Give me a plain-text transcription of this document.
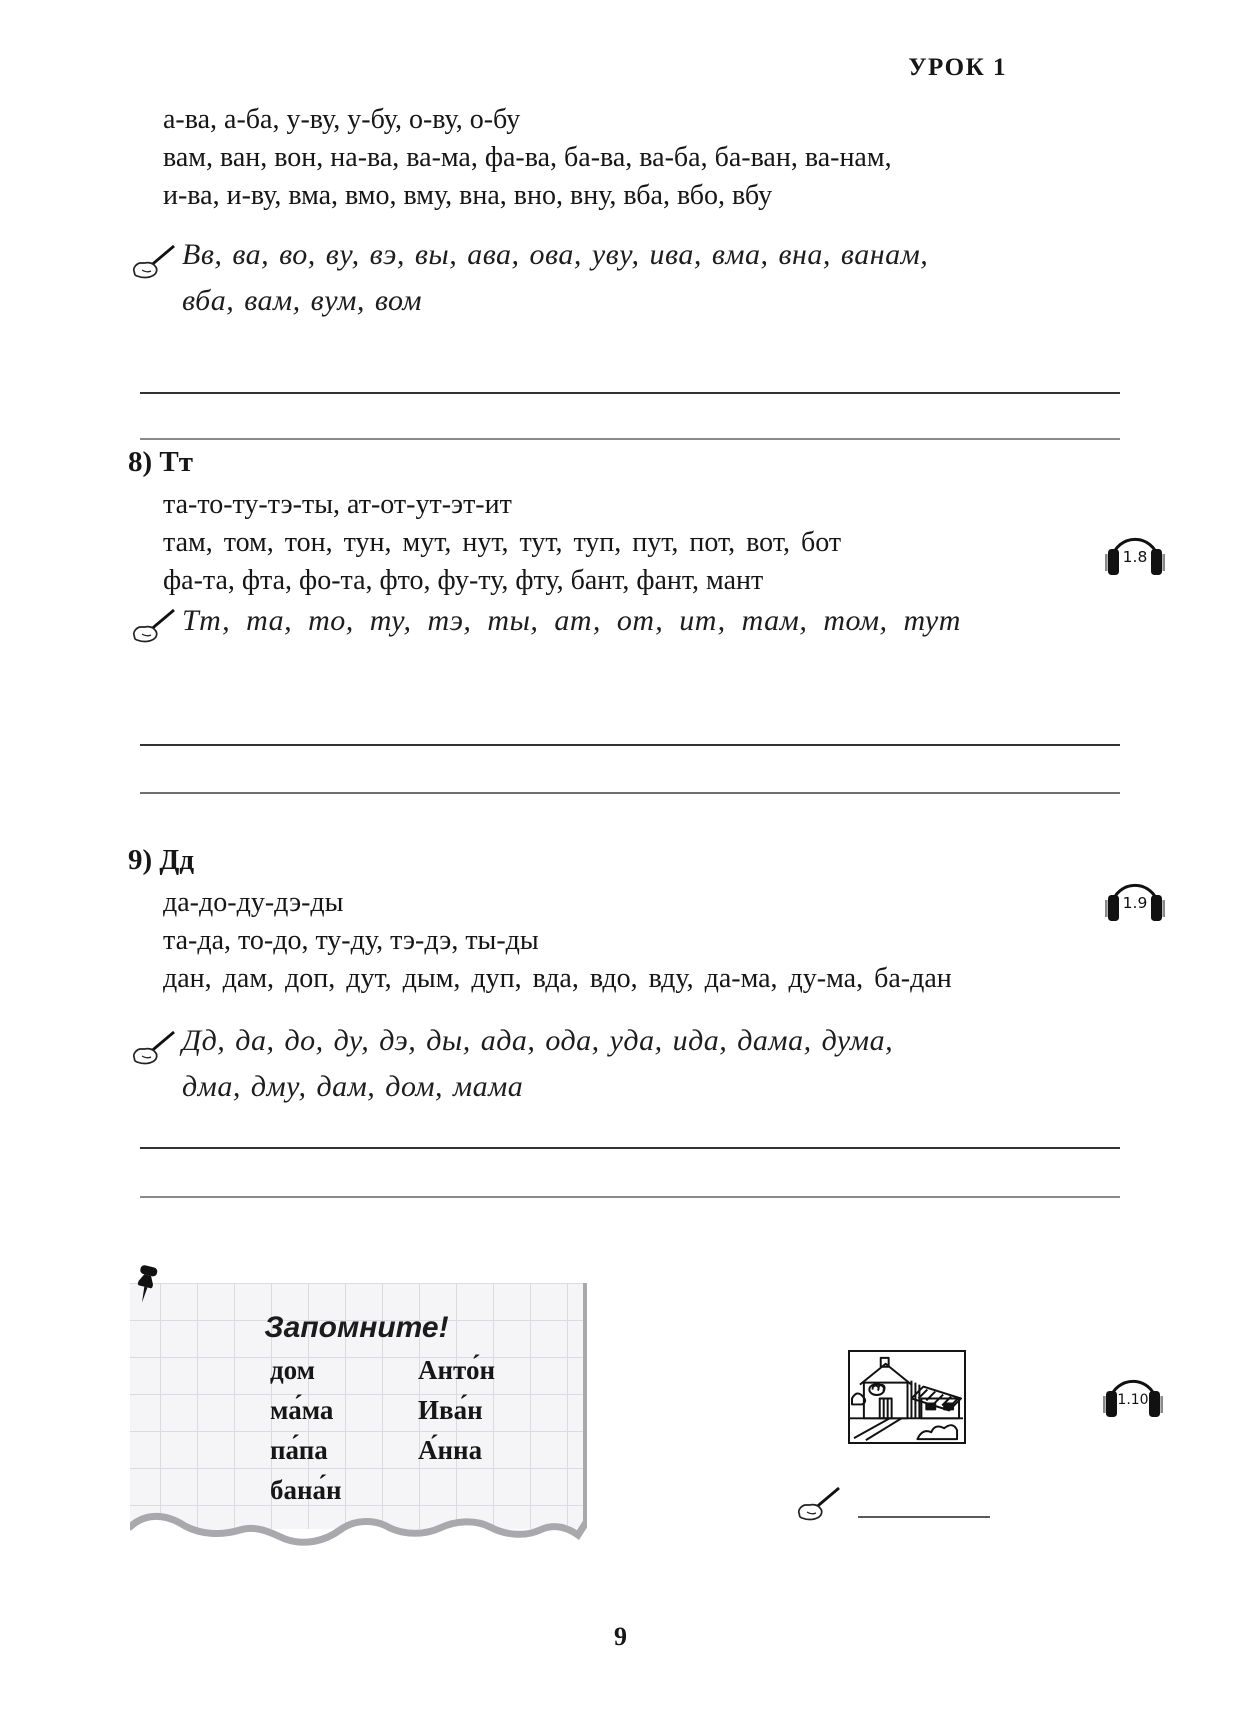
УРОК 1
а-ва, а-ба, у-ву, у-бу, о-ву, о-бу
вам, ван, вон, на-ва, ва-ма, фа-ва, ба-ва, ва-ба, ба-ван, ва-нам,
и-ва, и-ву, вма, вмо, вму, вна, вно, вну, вба, вбо, вбу
Вв, ва, во, ву, вэ, вы, ава, ова, уву, ива, вма, вна, ванам,
вба, вам, вум, вом
8) Тт
та-то-ту-тэ-ты, ат-от-ут-эт-ит
там, том, тон, тун, мут, нут, тут, туп, пут, пот, вот, бот
фа-та, фта, фо-та, фто, фу-ту, фту, бант, фант, мант
1.8
Тт, та, то, ту, тэ, ты, ат, от, ит, там, том, тут
9) Дд
да-до-ду-дэ-ды
та-да, то-до, ту-ду, тэ-дэ, ты-ды
дан, дам, доп, дут, дым, дуп, вда, вдо, вду, да-ма, ду-ма, ба-дан
1.9
Дд, да, до, ду, дэ, ды, ада, ода, уда, ида, дама, дума,
дма, дму, дам, дом, мама
Запомните!
дом
ма́ма
па́па
бана́н
Анто́н
Ива́н
А́нна
1.10
9
